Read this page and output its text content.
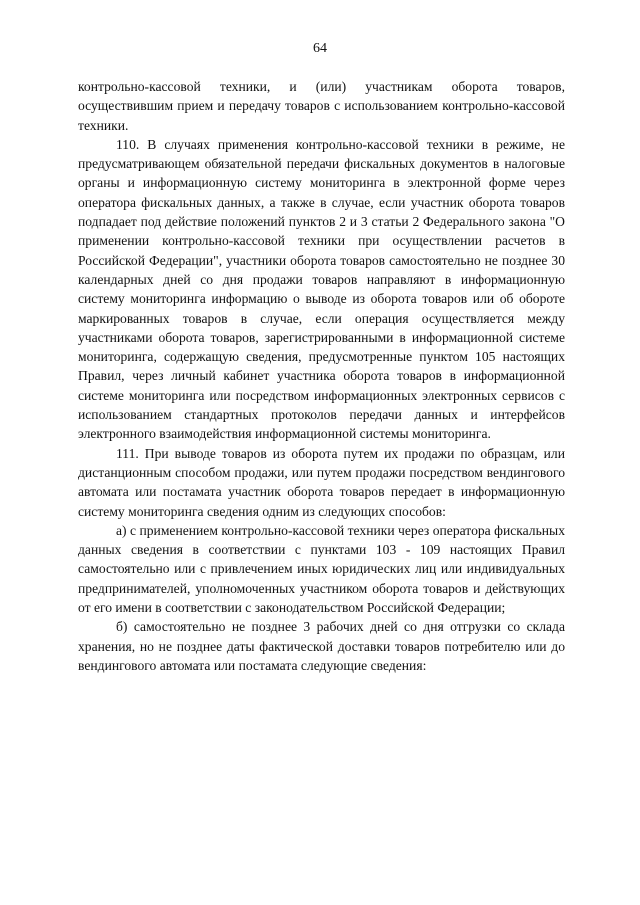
64

контрольно-кассовой техники, и (или) участникам оборота товаров, осуществившим прием и передачу товаров с использованием контрольно-кассовой техники.

110. В случаях применения контрольно-кассовой техники в режиме, не предусматривающем обязательной передачи фискальных документов в налоговые органы и информационную систему мониторинга в электронной форме через оператора фискальных данных, а также в случае, если участник оборота товаров подпадает под действие положений пунктов 2 и 3 статьи 2 Федерального закона "О применении контрольно-кассовой техники при осуществлении расчетов в Российской Федерации", участники оборота товаров самостоятельно не позднее 30 календарных дней со дня продажи товаров направляют в информационную систему мониторинга информацию о выводе из оборота товаров или об обороте маркированных товаров в случае, если операция осуществляется между участниками оборота товаров, зарегистрированными в информационной системе мониторинга, содержащую сведения, предусмотренные пунктом 105 настоящих Правил, через личный кабинет участника оборота товаров в информационной системе мониторинга или посредством информационных электронных сервисов с использованием стандартных протоколов передачи данных и интерфейсов электронного взаимодействия информационной системы мониторинга.

111. При выводе товаров из оборота путем их продажи по образцам, или дистанционным способом продажи, или путем продажи посредством вендингового автомата или постамата участник оборота товаров передает в информационную систему мониторинга сведения одним из следующих способов:

а) с применением контрольно-кассовой техники через оператора фискальных данных сведения в соответствии с пунктами 103 - 109 настоящих Правил самостоятельно или с привлечением иных юридических лиц или индивидуальных предпринимателей, уполномоченных участником оборота товаров и действующих от его имени в соответствии с законодательством Российской Федерации;

б) самостоятельно не позднее 3 рабочих дней со дня отгрузки со склада хранения, но не позднее даты фактической доставки товаров потребителю или до вендингового автомата или постамата следующие сведения:
